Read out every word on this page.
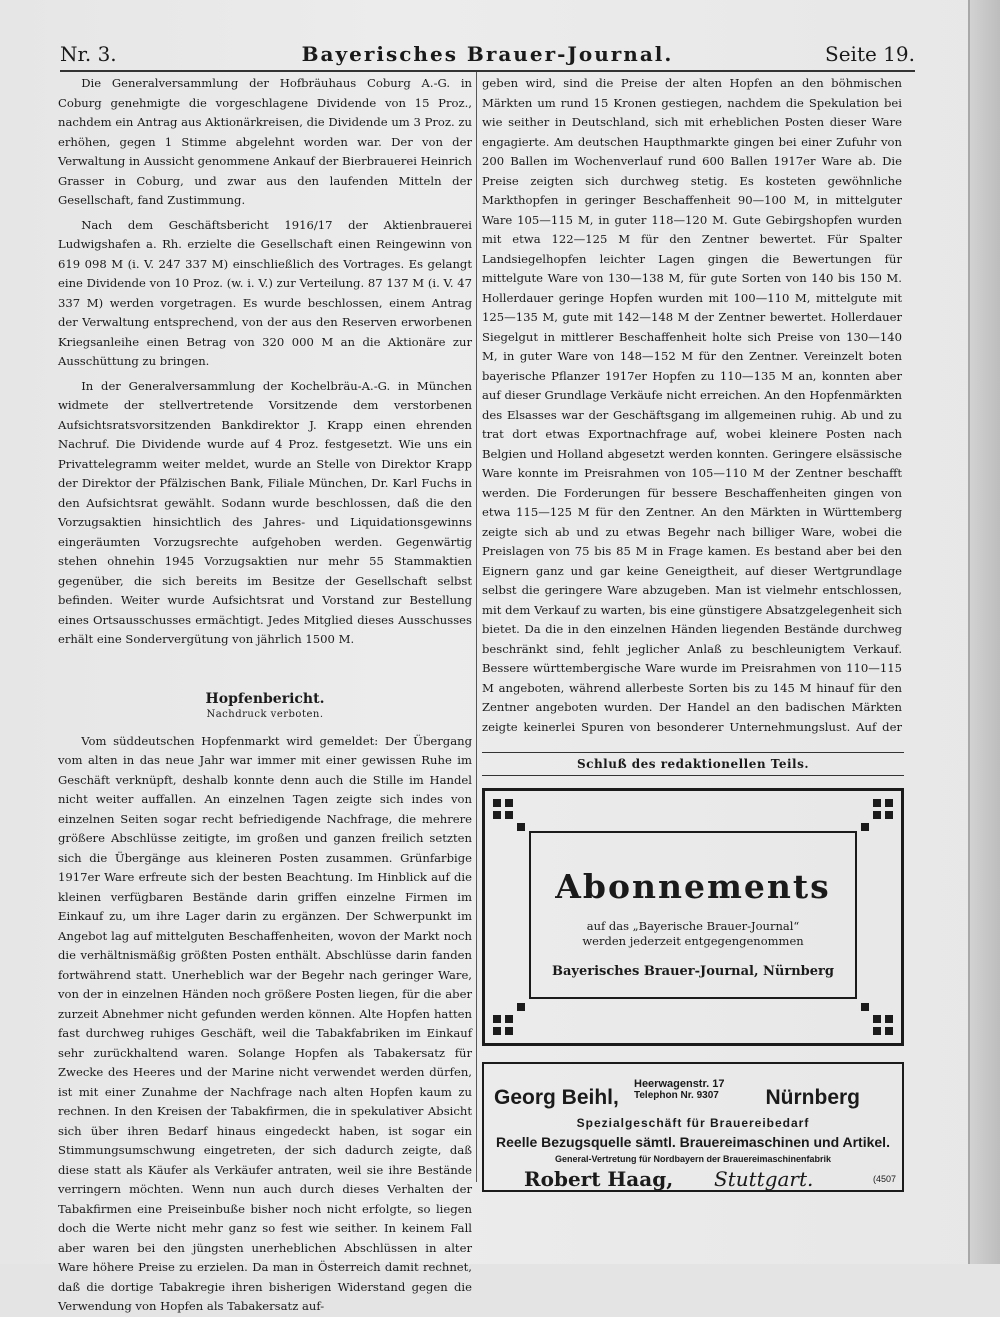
Nr. 3.	Bayerisches Brauer-Journal.	Seite 19.

Die Generalversammlung der Hofbräuhaus Coburg A.-G. in Coburg genehmigte die vorgeschlagene Dividende von 15 Proz., nachdem ein Antrag aus Aktionärkreisen, die Dividende um 3 Proz. zu erhöhen, gegen 1 Stimme abgelehnt worden war. Der von der Verwaltung in Aussicht genommene Ankauf der Bierbrauerei Heinrich Grasser in Coburg, und zwar aus den laufenden Mitteln der Gesellschaft, fand Zustimmung.

Nach dem Geschäftsbericht 1916/17 der Aktienbrauerei Ludwigshafen a. Rh. erzielte die Gesellschaft einen Reingewinn von 619 098 M (i. V. 247 337 M) einschließlich des Vortrages. Es gelangt eine Dividende von 10 Proz. (w. i. V.) zur Verteilung. 87 137 M (i. V. 47 337 M) werden vorgetragen. Es wurde beschlossen, einem Antrag der Verwaltung entsprechend, von der aus den Reserven erworbenen Kriegsanleihe einen Betrag von 320 000 M an die Aktionäre zur Ausschüttung zu bringen.

In der Generalversammlung der Kochelbräu-A.-G. in München widmete der stellvertretende Vorsitzende dem verstorbenen Aufsichtsratsvorsitzenden Bankdirektor J. Krapp einen ehrenden Nachruf. Die Dividende wurde auf 4 Proz. festgesetzt. Wie uns ein Privattelegramm weiter meldet, wurde an Stelle von Direktor Krapp der Direktor der Pfälzischen Bank, Filiale München, Dr. Karl Fuchs in den Aufsichtsrat gewählt. Sodann wurde beschlossen, daß die den Vorzugsaktien hinsichtlich des Jahres- und Liquidationsgewinns eingeräumten Vorzugsrechte aufgehoben werden. Gegenwärtig stehen ohnehin 1945 Vorzugsaktien nur mehr 55 Stammaktien gegenüber, die sich bereits im Besitze der Gesellschaft selbst befinden. Weiter wurde Aufsichtsrat und Vorstand zur Bestellung eines Ortsausschusses ermächtigt. Jedes Mitglied dieses Ausschusses erhält eine Sondervergütung von jährlich 1500 M.

Hopfenbericht.
Nachdruck verboten.

Vom süddeutschen Hopfenmarkt wird gemeldet: Der Übergang vom alten in das neue Jahr war immer mit einer gewissen Ruhe im Geschäft verknüpft, deshalb konnte denn auch die Stille im Handel nicht weiter auffallen. An einzelnen Tagen zeigte sich indes von einzelnen Seiten sogar recht befriedigende Nachfrage, die mehrere größere Abschlüsse zeitigte, im großen und ganzen freilich setzten sich die Übergänge aus kleineren Posten zusammen. Grünfarbige 1917er Ware erfreute sich der besten Beachtung. Im Hinblick auf die kleinen verfügbaren Bestände darin griffen einzelne Firmen im Einkauf zu, um ihre Lager darin zu ergänzen. Der Schwerpunkt im Angebot lag auf mittelguten Beschaffenheiten, wovon der Markt noch die verhältnismäßig größten Posten enthält. Abschlüsse darin fanden fortwährend statt. Unerheblich war der Begehr nach geringer Ware, von der in einzelnen Händen noch größere Posten liegen, für die aber zurzeit Abnehmer nicht gefunden werden können. Alte Hopfen hatten fast durchweg ruhiges Geschäft, weil die Tabakfabriken im Einkauf sehr zurückhaltend waren. Solange Hopfen als Tabakersatz für Zwecke des Heeres und der Marine nicht verwendet werden dürfen, ist mit einer Zunahme der Nachfrage nach alten Hopfen kaum zu rechnen. In den Kreisen der Tabakfirmen, die in spekulativer Absicht sich über ihren Bedarf hinaus eingedeckt haben, ist sogar ein Stimmungsumschwung eingetreten, der sich dadurch zeigte, daß diese statt als Käufer als Verkäufer antraten, weil sie ihre Bestände verringern möchten. Wenn nun auch durch dieses Verhalten der Tabakfirmen eine Preiseinbuße bisher noch nicht erfolgte, so liegen doch die Werte nicht mehr ganz so fest wie seither. In keinem Fall aber waren bei den jüngsten unerheblichen Abschlüssen in alter Ware höhere Preise zu erzielen. Da man in Österreich damit rechnet, daß die dortige Tabakregie ihren bisherigen Widerstand gegen die Verwendung von Hopfen als Tabakersatz auf-

geben wird, sind die Preise der alten Hopfen an den böhmischen Märkten um rund 15 Kronen gestiegen, nachdem die Spekulation bei wie seither in Deutschland, sich mit erheblichen Posten dieser Ware engagierte. Am deutschen Haupthmarkte gingen bei einer Zufuhr von 200 Ballen im Wochenverlauf rund 600 Ballen 1917er Ware ab. Die Preise zeigten sich durchweg stetig. Es kosteten gewöhnliche Markthopfen in geringer Beschaffenheit 90—100 M, in mittelguter Ware 105—115 M, in guter 118—120 M. Gute Gebirgshopfen wurden mit etwa 122—125 M für den Zentner bewertet. Für Spalter Landsiegelhopfen leichter Lagen gingen die Bewertungen für mittelgute Ware von 130—138 M, für gute Sorten von 140 bis 150 M. Hollerdauer geringe Hopfen wurden mit 100—110 M, mittelgute mit 125—135 M, gute mit 142—148 M der Zentner bewertet. Hollerdauer Siegelgut in mittlerer Beschaffenheit holte sich Preise von 130—140 M, in guter Ware von 148—152 M für den Zentner. Vereinzelt boten bayerische Pflanzer 1917er Hopfen zu 110—135 M an, konnten aber auf dieser Grundlage Verkäufe nicht erreichen. An den Hopfenmärkten des Elsasses war der Geschäftsgang im allgemeinen ruhig. Ab und zu trat dort etwas Exportnachfrage auf, wobei kleinere Posten nach Belgien und Holland abgesetzt werden konnten. Geringere elsässische Ware konnte im Preisrahmen von 105—110 M der Zentner beschafft werden. Die Forderungen für bessere Beschaffenheiten gingen von etwa 115—125 M für den Zentner. An den Märkten in Württemberg zeigte sich ab und zu etwas Begehr nach billiger Ware, wobei die Preislagen von 75 bis 85 M in Frage kamen. Es bestand aber bei den Eignern ganz und gar keine Geneigtheit, auf dieser Wertgrundlage selbst die geringere Ware abzugeben. Man ist vielmehr entschlossen, mit dem Verkauf zu warten, bis eine günstigere Absatzgelegenheit sich bietet. Da die in den einzelnen Händen liegenden Bestände durchweg beschränkt sind, fehlt jeglicher Anlaß zu beschleunigtem Verkauf. Bessere württembergische Ware wurde im Preisrahmen von 110—115 M angeboten, während allerbeste Sorten bis zu 145 M hinauf für den Zentner angeboten wurden. Der Handel an den badischen Märkten zeigte keinerlei Spuren von besonderer Unternehmungslust. Auf der

Schluß des redaktionellen Teils.
Abonnements
auf das „Bayerische Brauer-Journal“
werden jederzeit entgegengenommen
Bayerisches Brauer-Journal, Nürnberg
Georg Beihl,
Heerwagenstr. 17
Telephon Nr. 9307 Nürnberg
Spezialgeschäft für Brauereibedarf
Reelle Bezugsquelle sämtl. Brauereimaschinen und Artikel.
General-Vertretung für Nordbayern der Brauereimaschinenfabrik
Robert Haag, Stuttgart.	(4507
